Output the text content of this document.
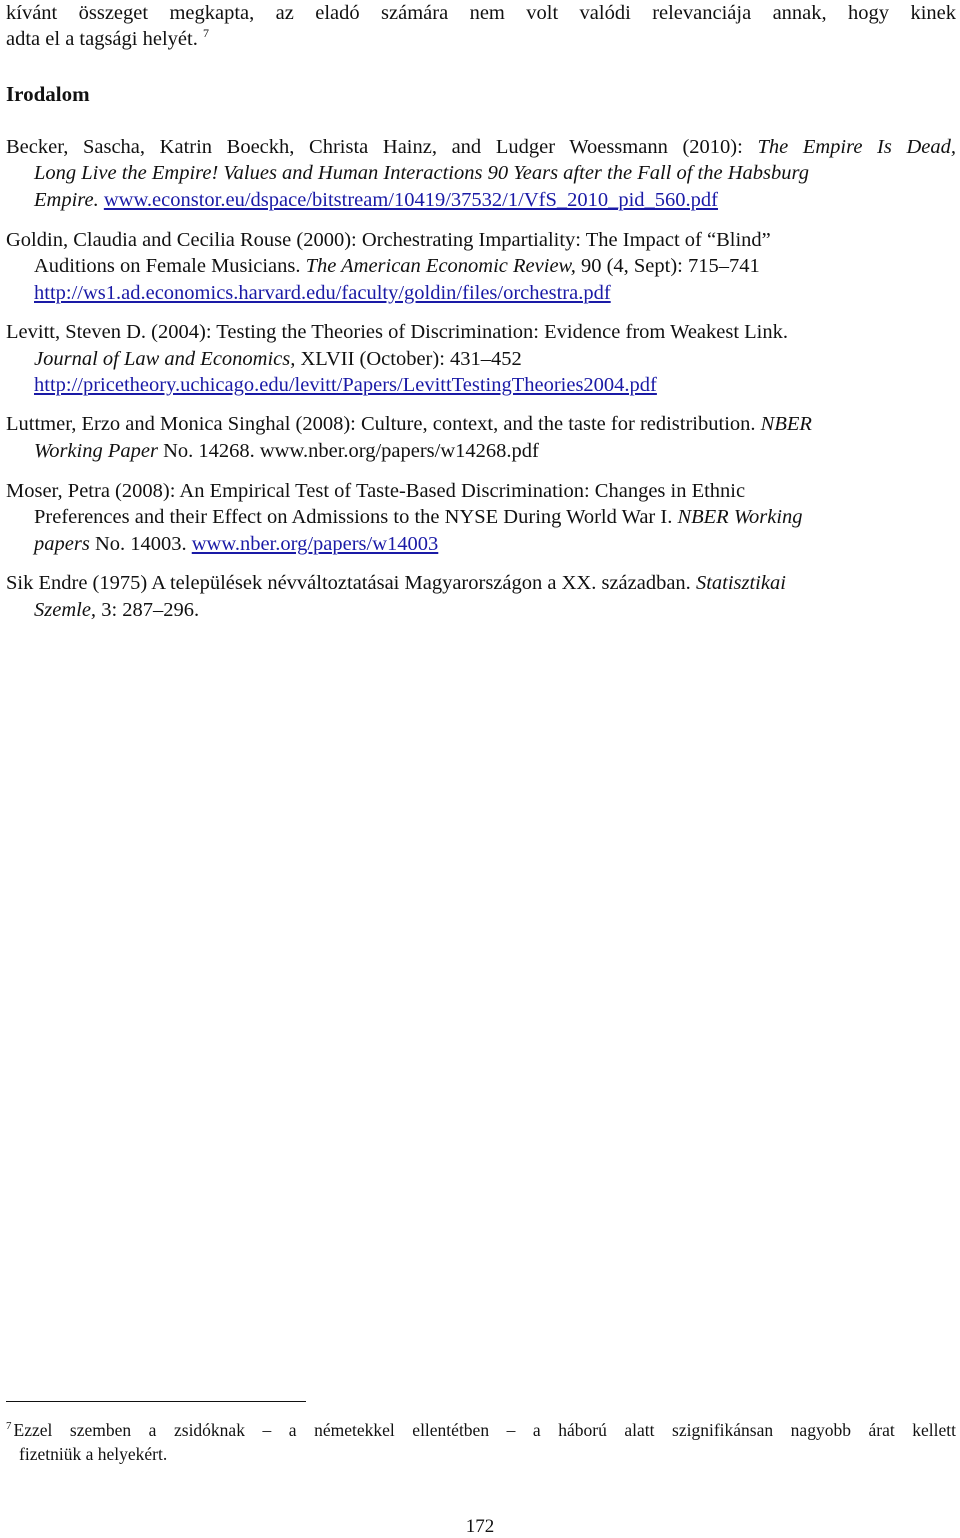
kívánt összeget megkapta, az eladó számára nem volt valódi relevanciája annak, hogy kinek
adta el a tagsági helyét. $^7$
Irodalom
Becker, Sascha, Katrin Boeckh, Christa Hainz, and Ludger Woessmann (2010): The Empire Is Dead,
Long Live the Empire! Values and Human Interactions 90 Years after the Fall of the Habsburg
Empire. www.econstor.eu/dspace/bitstream/10419/37532/1/VfS_2010_pid_560.pdf
Goldin, Claudia and Cecilia Rouse (2000): Orchestrating Impartiality: The Impact of “Blind”
Auditions on Female Musicians. The American Economic Review, 90 (4, Sept): 715–741
http://ws1.ad.economics.harvard.edu/faculty/goldin/files/orchestra.pdf
Levitt, Steven D. (2004): Testing the Theories of Discrimination: Evidence from Weakest Link.
Journal of Law and Economics, XLVII (October): 431–452
http://pricetheory.uchicago.edu/levitt/Papers/LevittTestingTheories2004.pdf
Luttmer, Erzo and Monica Singhal (2008): Culture, context, and the taste for redistribution. NBER
Working Paper No. 14268. www.nber.org/papers/w14268.pdf
Moser, Petra (2008): An Empirical Test of Taste-Based Discrimination: Changes in Ethnic
Preferences and their Effect on Admissions to the NYSE During World War I. NBER Working
papers No. 14003. www.nber.org/papers/w14003
Sik Endre (1975) A települések névváltoztatásai Magyarországon a XX. században. Statisztikai
Szemle, 3: 287–296.
$^7$ Ezzel szemben a zsidóknak – a németekkel ellentétben – a háború alatt szignifikánsan nagyobb árat kellett
fizetniük a helyekért.
172
